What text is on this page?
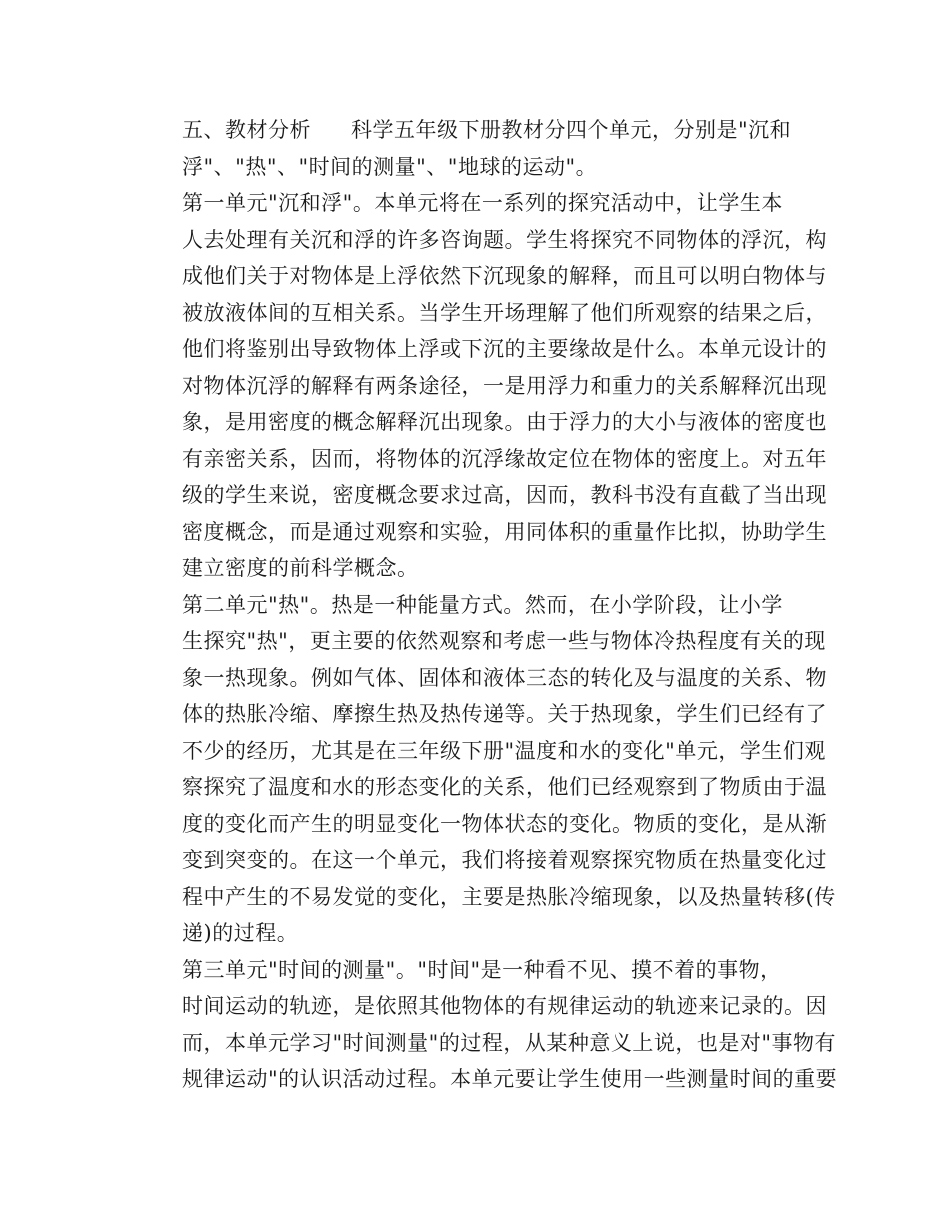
五、教材分析 科学五年级下册教材分四个单元，分别是"沉和
浮"、"热"、"时间的测量"、"地球的运动"。

第一单元"沉和浮"。本单元将在一系列的探究活动中，让学生本
人去处理有关沉和浮的许多咨询题。学生将探究不同物体的浮沉，构
成他们关于对物体是上浮依然下沉现象的解释，而且可以明白物体与
被放液体间的互相关系。当学生开场理解了他们所观察的结果之后，
他们将鉴别出导致物体上浮或下沉的主要缘故是什么。本单元设计的
对物体沉浮的解释有两条途径，一是用浮力和重力的关系解释沉出现
象，是用密度的概念解释沉出现象。由于浮力的大小与液体的密度也
有亲密关系，因而，将物体的沉浮缘故定位在物体的密度上。对五年
级的学生来说，密度概念要求过高，因而，教科书没有直截了当出现
密度概念，而是通过观察和实验，用同体积的重量作比拟，协助学生
建立密度的前科学概念。

第二单元"热"。热是一种能量方式。然而，在小学阶段，让小学
生探究"热"，更主要的依然观察和考虑一些与物体冷热程度有关的现
象一热现象。例如气体、固体和液体三态的转化及与温度的关系、物
体的热胀冷缩、摩擦生热及热传递等。关于热现象，学生们已经有了
不少的经历，尤其是在三年级下册"温度和水的变化"单元，学生们观
察探究了温度和水的形态变化的关系，他们已经观察到了物质由于温
度的变化而产生的明显变化一物体状态的变化。物质的变化，是从渐
变到突变的。在这一个单元，我们将接着观察探究物质在热量变化过
程中产生的不易发觉的变化，主要是热胀冷缩现象，以及热量转移(传
递)的过程。

第三单元"时间的测量"。"时间"是一种看不见、摸不着的事物，
时间运动的轨迹，是依照其他物体的有规律运动的轨迹来记录的。因
而，本单元学习"时间测量"的过程，从某种意义上说，也是对"事物有
规律运动"的认识活动过程。本单元要让学生使用一些测量时间的重要
